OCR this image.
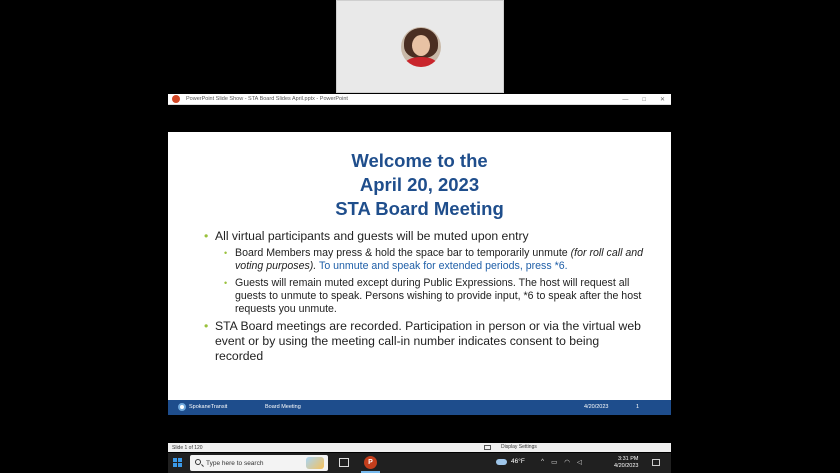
PowerPoint Slide Show - STA Board Slides April.pptx - PowerPoint	— □ ✕
Welcome to the
April 20, 2023
STA Board Meeting
• All virtual participants and guests will be muted upon entry
• Board Members may press & hold the space bar to temporarily unmute (for roll call and voting purposes). To unmute and speak for extended periods, press *6.
• Guests will remain muted except during Public Expressions. The host will request all guests to unmute to speak. Persons wishing to provide input, *6 to speak after the host requests you unmute.
• STA Board meetings are recorded. Participation in person or via the virtual web event or by using the meeting call-in number indicates consent to being recorded
SpokaneTransit	Board Meeting	4/20/2023	1
Slide 1 of 120	Display Settings
Type here to search	P	46°F ^ ▭ ◠ ◁	3:31 PM
4/20/2023
